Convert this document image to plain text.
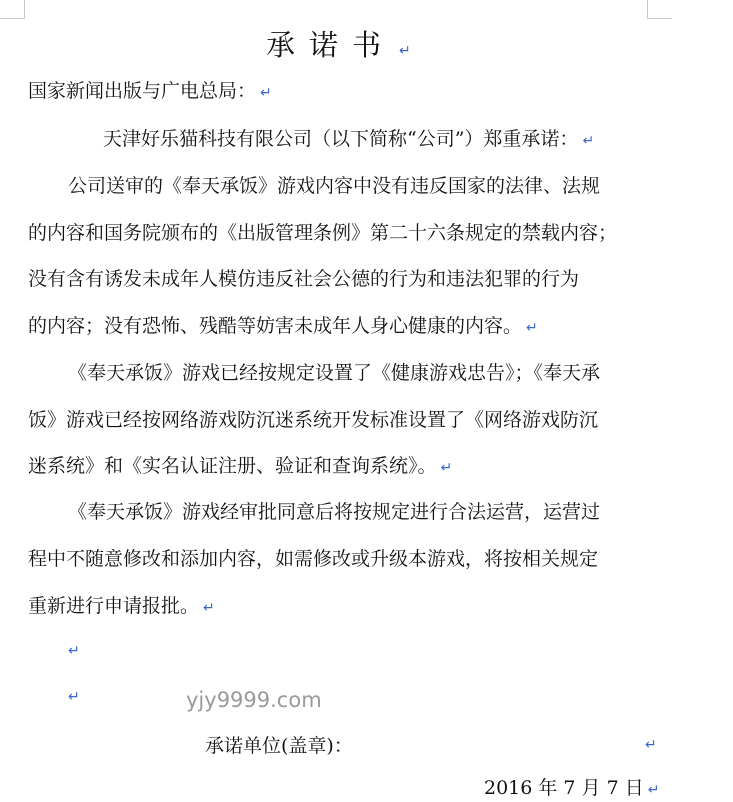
承诺书 ↵
国家新闻出版与广电总局： ↵
天津好乐猫科技有限公司（以下简称“公司”）郑重承诺： ↵
公司送审的《奉天承饭》游戏内容中没有违反国家的法律、法规
的内容和国务院颁布的《出版管理条例》第二十六条规定的禁载内容；
没有含有诱发未成年人模仿违反社会公德的行为和违法犯罪的行为
的内容；没有恐怖、残酷等妨害未成年人身心健康的内容。 ↵
《奉天承饭》游戏已经按规定设置了《健康游戏忠告》；《奉天承
饭》游戏已经按网络游戏防沉迷系统开发标准设置了《网络游戏防沉
迷系统》和《实名认证注册、验证和查询系统》。 ↵
《奉天承饭》游戏经审批同意后将按规定进行合法运营，运营过
程中不随意修改和添加内容，如需修改或升级本游戏，将按相关规定
重新进行申请报批。 ↵
↵
↵	yjy9999.com
承诺单位(盖章)：	↵
2016 年 7 月 7 日 ↵
